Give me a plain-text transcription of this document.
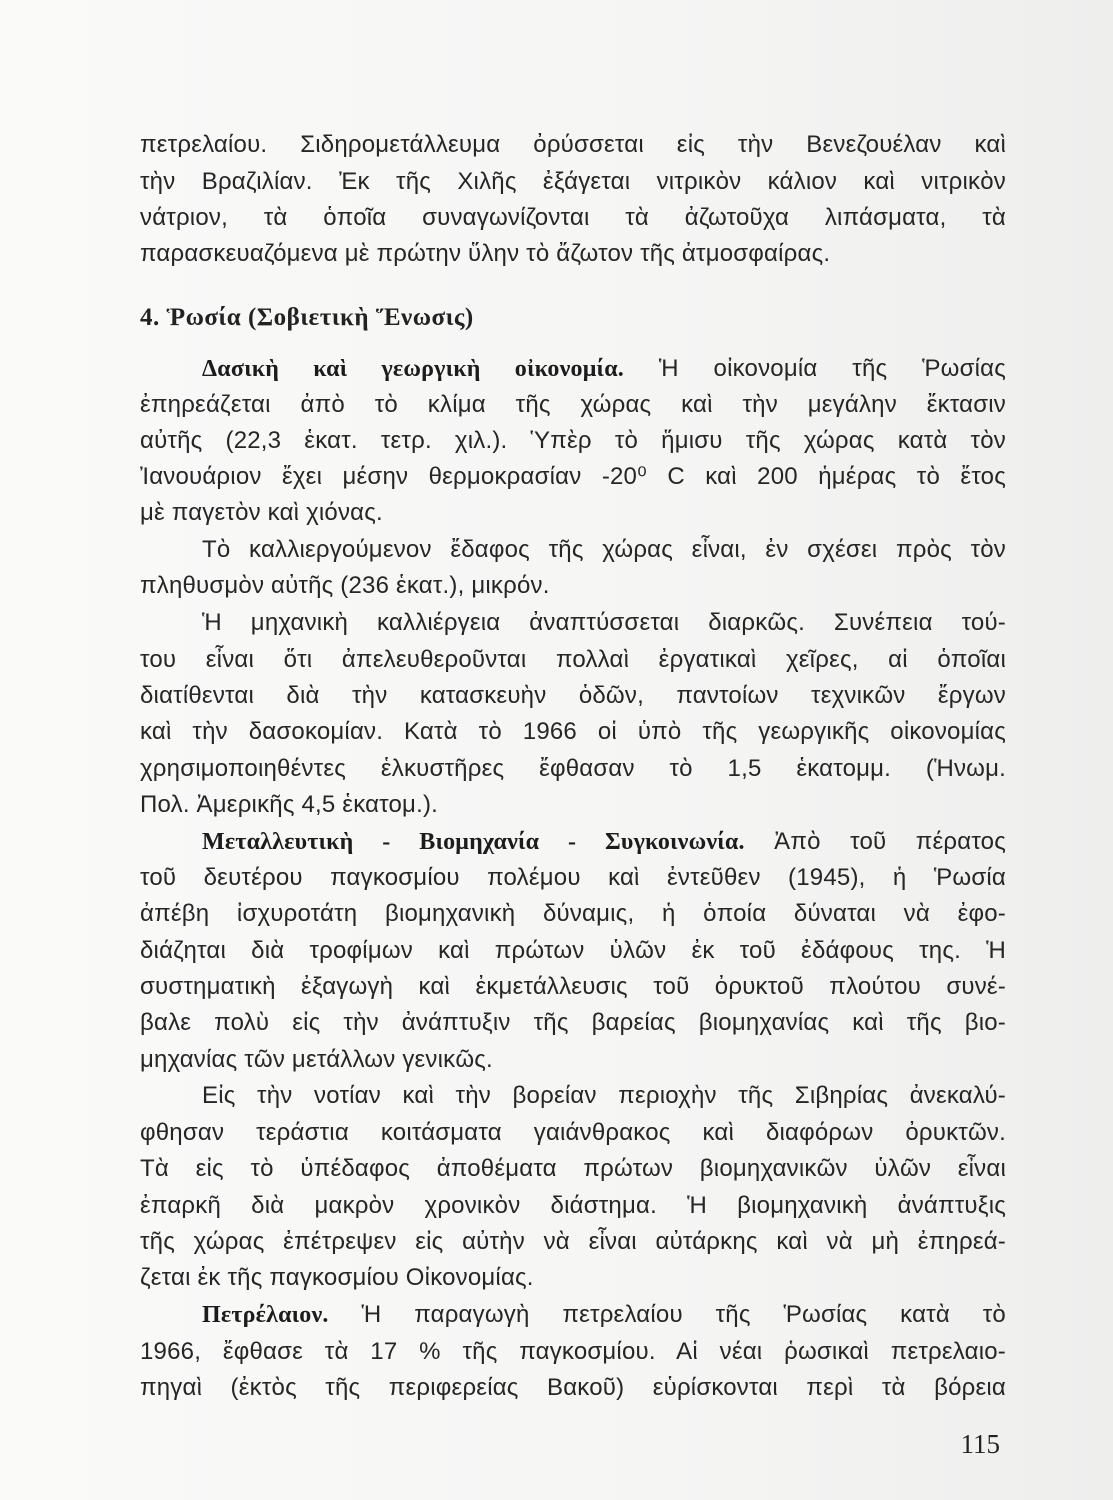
πετρελαίου. Σιδηρομετάλλευμα ὀρύσσεται εἰς τὴν Βενεζουέλαν καὶ
τὴν Βραζιλίαν. Ἐκ τῆς Χιλῆς ἐξάγεται νιτρικὸν κάλιον καὶ νιτρικὸν
νάτριον, τὰ ὁποῖα συναγωνίζονται τὰ ἀζωτοῦχα λιπάσματα, τὰ
παρασκευαζόμενα μὲ πρώτην ὕλην τὸ ἄζωτον τῆς ἀτμοσφαίρας.
4. Ῥωσία (Σοβιετικὴ Ἕνωσις)
Δασικὴ καὶ γεωργικὴ οἰκονομία. Ἡ οἰκονομία τῆς Ῥωσίας
ἐπηρεάζεται ἀπὸ τὸ κλίμα τῆς χώρας καὶ τὴν μεγάλην ἔκτασιν
αὐτῆς (22,3 ἑκατ. τετρ. χιλ.). Ὑπὲρ τὸ ἥμισυ τῆς χώρας κατὰ τὸν
Ἰανουάριον ἔχει μέσην θερμοκρασίαν -20⁰ C καὶ 200 ἡμέρας τὸ ἔτος
μὲ παγετὸν καὶ χιόνας.
Τὸ καλλιεργούμενον ἔδαφος τῆς χώρας εἶναι, ἐν σχέσει πρὸς τὸν
πληθυσμὸν αὐτῆς (236 ἑκατ.), μικρόν.
Ἡ μηχανικὴ καλλιέργεια ἀναπτύσσεται διαρκῶς. Συνέπεια τού-
του εἶναι ὅτι ἀπελευθεροῦνται πολλαὶ ἐργατικαὶ χεῖρες, αἱ ὁποῖαι
διατίθενται διὰ τὴν κατασκευὴν ὁδῶν, παντοίων τεχνικῶν ἔργων
καὶ τὴν δασοκομίαν. Κατὰ τὸ 1966 οἱ ὑπὸ τῆς γεωργικῆς οἰκονομίας
χρησιμοποιηθέντες ἑλκυστῆρες ἔφθασαν τὸ 1,5 ἑκατομμ. (Ἡνωμ.
Πολ. Ἀμερικῆς 4,5 ἑκατομ.).
Μεταλλευτικὴ - Βιομηχανία - Συγκοινωνία. Ἀπὸ τοῦ πέρατος
τοῦ δευτέρου παγκοσμίου πολέμου καὶ ἐντεῦθεν (1945), ἡ Ῥωσία
ἀπέβη ἰσχυροτάτη βιομηχανικὴ δύναμις, ἡ ὁποία δύναται νὰ ἐφο-
διάζηται διὰ τροφίμων καὶ πρώτων ὑλῶν ἐκ τοῦ ἐδάφους της. Ἡ
συστηματικὴ ἐξαγωγὴ καὶ ἐκμετάλλευσις τοῦ ὀρυκτοῦ πλούτου συνέ-
βαλε πολὺ εἰς τὴν ἀνάπτυξιν τῆς βαρείας βιομηχανίας καὶ τῆς βιο-
μηχανίας τῶν μετάλλων γενικῶς.
Εἰς τὴν νοτίαν καὶ τὴν βορείαν περιοχὴν τῆς Σιβηρίας ἀνεκαλύ-
φθησαν τεράστια κοιτάσματα γαιάνθρακος καὶ διαφόρων ὀρυκτῶν.
Τὰ εἰς τὸ ὑπέδαφος ἀποθέματα πρώτων βιομηχανικῶν ὑλῶν εἶναι
ἐπαρκῆ διὰ μακρὸν χρονικὸν διάστημα. Ἡ βιομηχανικὴ ἀνάπτυξις
τῆς χώρας ἐπέτρεψεν εἰς αὐτὴν νὰ εἶναι αὐτάρκης καὶ νὰ μὴ ἐπηρεά-
ζεται ἐκ τῆς παγκοσμίου Οἰκονομίας.
Πετρέλαιον. Ἡ παραγωγὴ πετρελαίου τῆς Ῥωσίας κατὰ τὸ
1966, ἔφθασε τὰ 17 % τῆς παγκοσμίου. Αἱ νέαι ῥωσικαὶ πετρελαιο-
πηγαὶ (ἐκτὸς τῆς περιφερείας Βακοῦ) εὑρίσκονται περὶ τὰ βόρεια
115
